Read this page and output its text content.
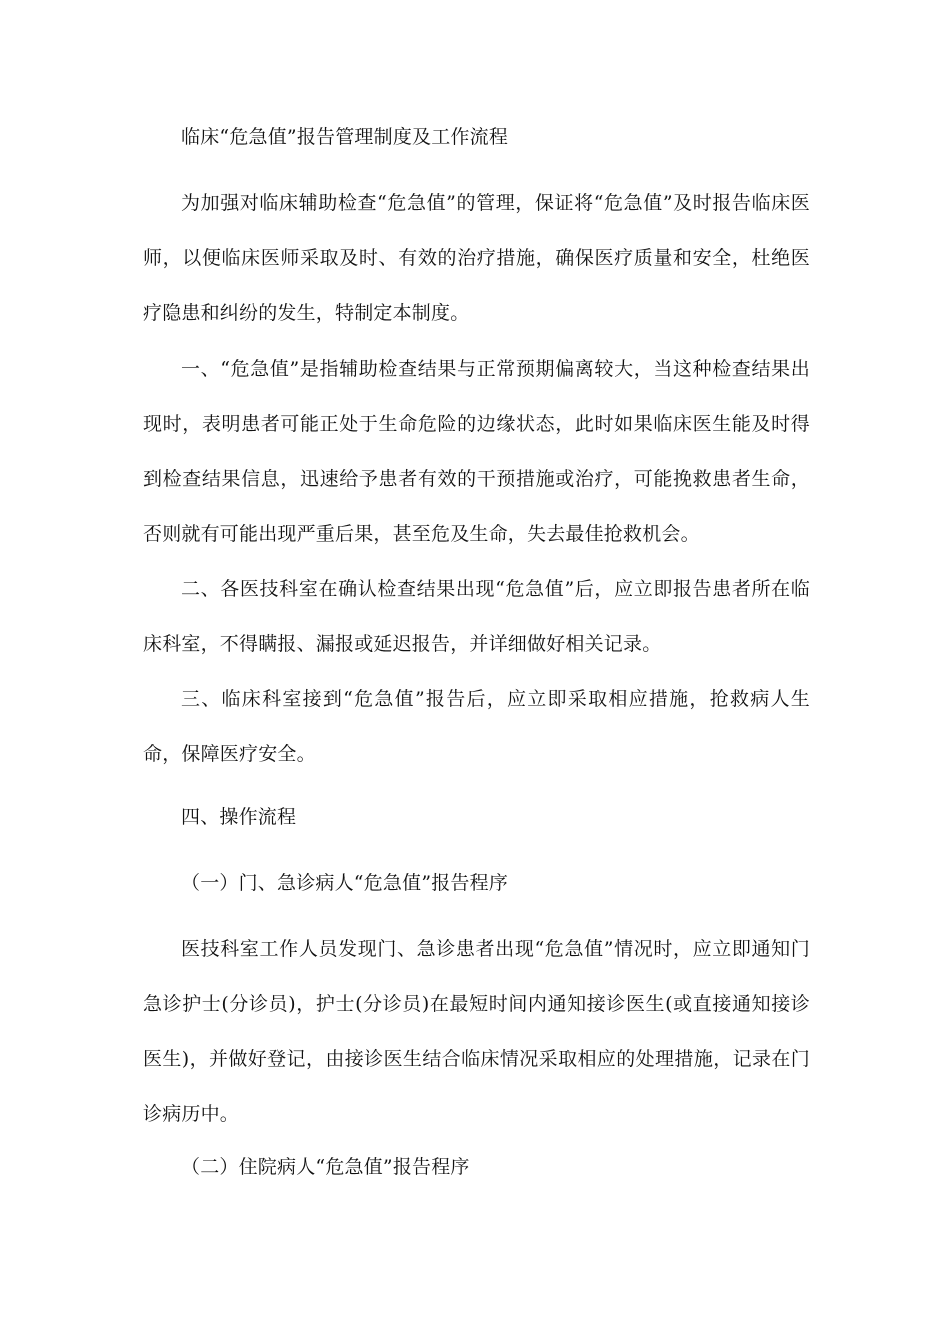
临床“危急值”报告管理制度及工作流程

为加强对临床辅助检查“危急值”的管理，保证将“危急值”及时报告临床医师，以便临床医师采取及时、有效的治疗措施，确保医疗质量和安全，杜绝医疗隐患和纠纷的发生，特制定本制度。

一、“危急值”是指辅助检查结果与正常预期偏离较大，当这种检查结果出现时，表明患者可能正处于生命危险的边缘状态，此时如果临床医生能及时得到检查结果信息，迅速给予患者有效的干预措施或治疗，可能挽救患者生命，否则就有可能出现严重后果，甚至危及生命，失去最佳抢救机会。

二、各医技科室在确认检查结果出现“危急值”后，应立即报告患者所在临床科室，不得瞒报、漏报或延迟报告，并详细做好相关记录。

三、临床科室接到“危急值”报告后，应立即采取相应措施，抢救病人生命，保障医疗安全。

四、操作流程

（一）门、急诊病人“危急值”报告程序

医技科室工作人员发现门、急诊患者出现“危急值”情况时，应立即通知门急诊护士(分诊员)，护士(分诊员)在最短时间内通知接诊医生(或直接通知接诊医生)，并做好登记，由接诊医生结合临床情况采取相应的处理措施，记录在门诊病历中。

（二）住院病人“危急值”报告程序
